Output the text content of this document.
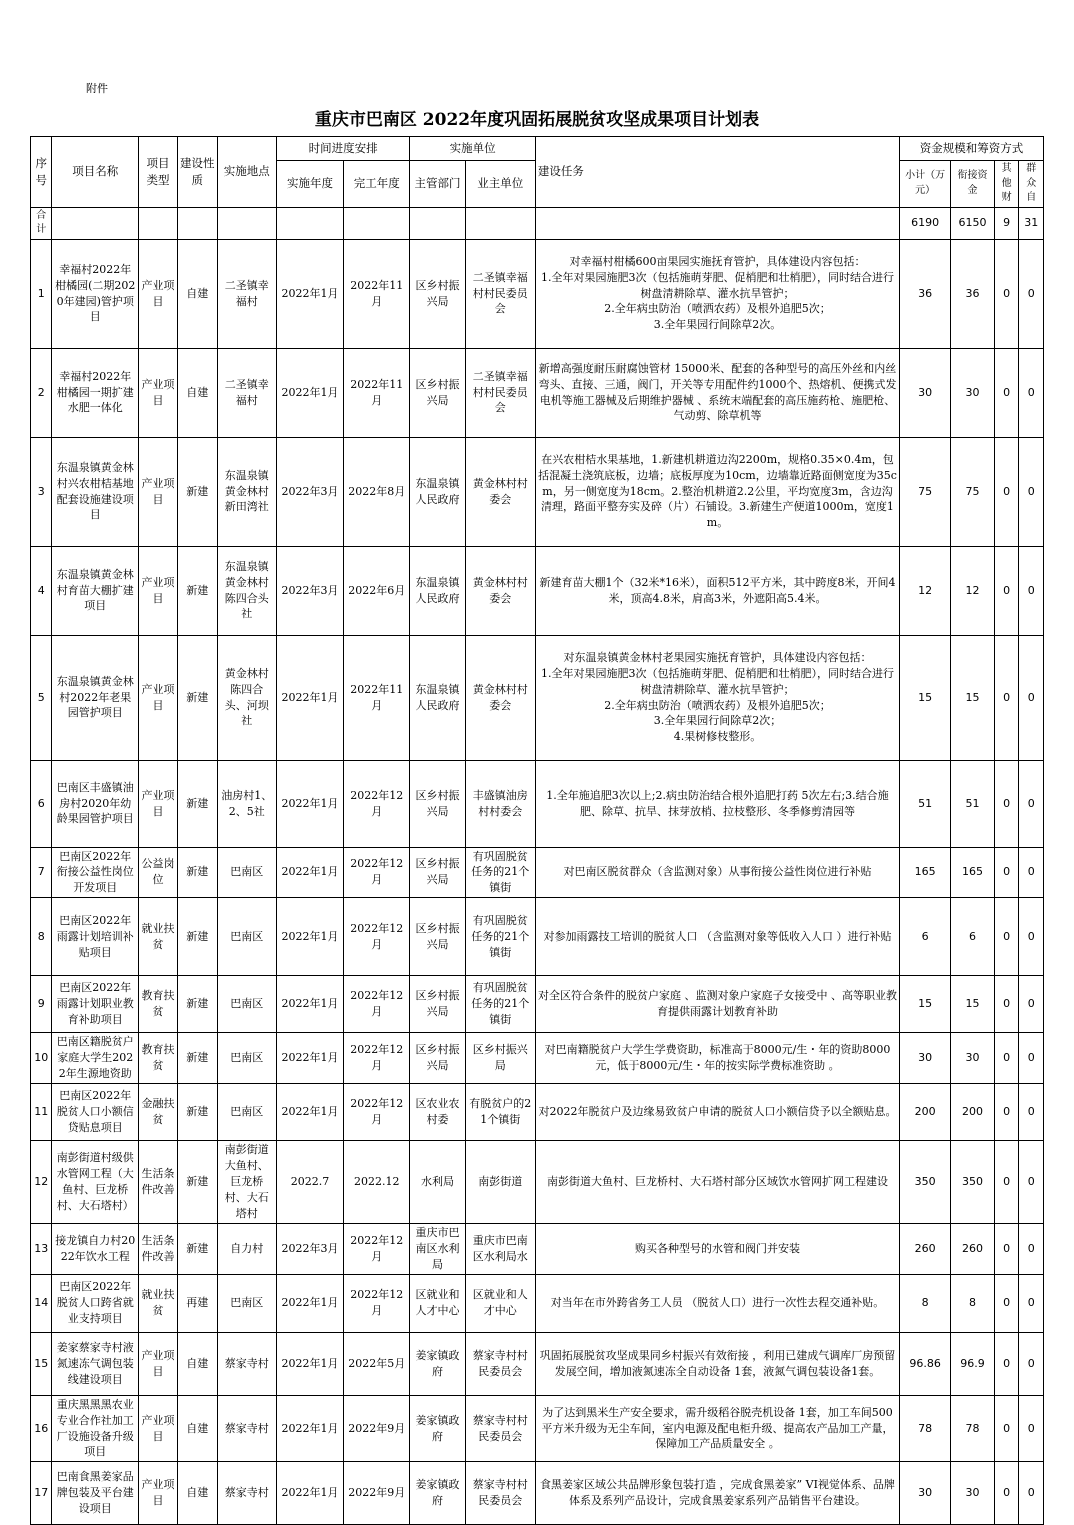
附件
重庆市巴南区 2022年度巩固拓展脱贫攻坚成果项目计划表
序号	项目名称	项目类型	建设性质	实施地点	时间进度安排		实施单位		建设任务	资金规模和筹资方式			
					实施年度	完工年度	主管部门	业主单位		小计（万元）	衔接资金	其他财	群众自
合计										6190	6150	9	31
1	幸福村2022年柑橘园(二期2020年建园)管护项目	产业项目	自建	二圣镇幸福村	2022年1月	2022年11月	区乡村振兴局	二圣镇幸福村村民委员会	对幸福村柑橘600亩果园实施抚育管护，具体建设内容包括：
1.全年对果园施肥3次（包括施萌芽肥、促梢肥和壮梢肥），同时结合进行树盘清耕除草、灌水抗旱管护；
2.全年病虫防治（喷洒农药）及根外追肥5次；
3.全年果园行间除草2次。	36	36	0	0
2	幸福村2022年柑橘园一期扩建水肥一体化	产业项目	自建	二圣镇幸福村	2022年1月	2022年11月	区乡村振兴局	二圣镇幸福村村民委员会	新增高强度耐压耐腐蚀管材 15000米、配套的各种型号的高压外丝和内丝弯头、直接、三通，阀门，开关等专用配件约1000个、热熔机、便携式发电机等施工器械及后期维护器械 、系统末端配套的高压施药枪、施肥枪、气动剪、除草机等	30	30	0	0
3	东温泉镇黄金林村兴农柑桔基地配套设施建设项目	产业项目	新建	东温泉镇黄金林村新田湾社	2022年3月	2022年8月	东温泉镇人民政府	黄金林村村委会	在兴农柑桔水果基地，1.新建机耕道边沟2200m，规格0.35×0.4m，包括混凝土浇筑底板，边墙；底板厚度为10cm，边墙靠近路面侧宽度为35cm，另一侧宽度为18cm。2.整治机耕道2.2公里，平均宽度3m，含边沟清理，路面平整夯实及碎（片）石铺设。3.新建生产便道1000m，宽度1m。	75	75	0	0
4	东温泉镇黄金林村育苗大棚扩建项目	产业项目	新建	东温泉镇黄金林村陈四合头社	2022年3月	2022年6月	东温泉镇人民政府	黄金林村村委会	新建育苗大棚1个（32米*16米），面积512平方米，其中跨度8米，开间4米，顶高4.8米，肩高3米，外遮阳高5.4米。	12	12	0	0
5	东温泉镇黄金林村2022年老果园管护项目	产业项目	新建	黄金林村陈四合头、河坝社	2022年1月	2022年11月	东温泉镇人民政府	黄金林村村委会	对东温泉镇黄金林村老果园实施抚育管护，具体建设内容包括：
1.全年对果园施肥3次（包括施萌芽肥、促梢肥和壮梢肥），同时结合进行树盘清耕除草、灌水抗旱管护；
2.全年病虫防治（喷洒农药）及根外追肥5次；
3.全年果园行间除草2次；
4.果树修枝整形。	15	15	0	0
6	巴南区丰盛镇油房村2020年幼龄果园管护项目	产业项目	新建	油房村1、2、5社	2022年1月	2022年12月	区乡村振兴局	丰盛镇油房村村委会	1.全年施追肥3次以上;2.病虫防治结合根外追肥打药 5次左右;3.结合施肥、除草、抗旱、抹芽放梢、拉枝整形、冬季修剪清园等	51	51	0	0
7	巴南区2022年衔接公益性岗位开发项目	公益岗位	新建	巴南区	2022年1月	2022年12月	区乡村振兴局	有巩固脱贫任务的21个镇街	对巴南区脱贫群众（含监测对象）从事衔接公益性岗位进行补贴	165	165	0	0
8	巴南区2022年雨露计划培训补贴项目	就业扶贫	新建	巴南区	2022年1月	2022年12月	区乡村振兴局	有巩固脱贫任务的21个镇街	对参加雨露技工培训的脱贫人口 （含监测对象等低收入人口 ）进行补贴	6	6	0	0
9	巴南区2022年雨露计划职业教育补助项目	教育扶贫	新建	巴南区	2022年1月	2022年12月	区乡村振兴局	有巩固脱贫任务的21个镇街	对全区符合条件的脱贫户家庭 、监测对象户家庭子女接受中 、高等职业教育提供雨露计划教育补助	15	15	0	0
10	巴南区籍脱贫户家庭大学生2022年生源地资助	教育扶贫	新建	巴南区	2022年1月	2022年12月	区乡村振兴局	区乡村振兴局	对巴南籍脱贫户大学生学费资助，标准高于8000元/生・年的资助8000元，低于8000元/生・年的按实际学费标准资助 。	30	30	0	0
11	巴南区2022年脱贫人口小额信贷贴息项目	金融扶贫	新建	巴南区	2022年1月	2022年12月	区农业农村委	有脱贫户的21个镇街	对2022年脱贫户及边缘易致贫户申请的脱贫人口小额信贷予以全额贴息。	200	200	0	0
12	南彭街道村级供水管网工程（大鱼村、巨龙桥村、大石塔村）	生活条件改善	新建	南彭街道大鱼村、巨龙桥村、大石塔村	2022.7	2022.12	水利局	南彭街道	南彭街道大鱼村、巨龙桥村、大石塔村部分区域饮水管网扩网工程建设	350	350	0	0
13	接龙镇自力村2022年饮水工程	生活条件改善	新建	自力村	2022年3月	2022年12月	重庆市巴南区水利局	重庆市巴南区水利局水	购买各种型号的水管和阀门并安装	260	260	0	0
14	巴南区2022年脱贫人口跨省就业支持项目	就业扶贫	再建	巴南区	2022年1月	2022年12月	区就业和人才中心	区就业和人才中心	对当年在市外跨省务工人员 （脱贫人口）进行一次性去程交通补贴。	8	8	0	0
15	姜家蔡家寺村液氮速冻气调包装线建设项目	产业项目	自建	蔡家寺村	2022年1月	2022年5月	姜家镇政府	蔡家寺村村民委员会	巩固拓展脱贫攻坚成果同乡村振兴有效衔接 ，利用已建成气调库厂房预留发展空间，增加液氮速冻全自动设备 1套，液氮气调包装设备1套。	96.86	96.9	0	0
16	重庆黑黑黑农业专业合作社加工厂设施设备升级项目	产业项目	自建	蔡家寺村	2022年1月	2022年9月	姜家镇政府	蔡家寺村村民委员会	为了达到黑米生产安全要求，需升级稻谷脱壳机设备 1套，加工车间500平方米升级为无尘车间，室内电源及配电柜升级、提高农产品加工产量，保障加工产品质量安全 。	78	78	0	0
17	巴南食黑姜家品牌包装及平台建设项目	产业项目	自建	蔡家寺村	2022年1月	2022年9月	姜家镇政府	蔡家寺村村民委员会	食黑姜家区域公共品牌形象包装打造 ，完成食黑姜家” VI视觉体系、品牌体系及系列产品设计，完成食黑姜家系列产品销售平台建设。	30	30	0	0
